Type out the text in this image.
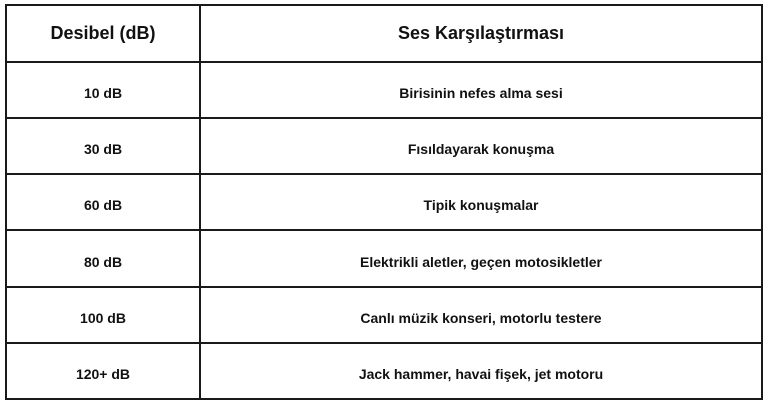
Desibel (dB)	Ses Karşılaştırması
10 dB	Birisinin nefes alma sesi
30 dB	Fısıldayarak konuşma
60 dB	Tipik konuşmalar
80 dB	Elektrikli aletler, geçen motosikletler
100 dB	Canlı müzik konseri, motorlu testere
120+ dB	Jack hammer, havai fişek, jet motoru
